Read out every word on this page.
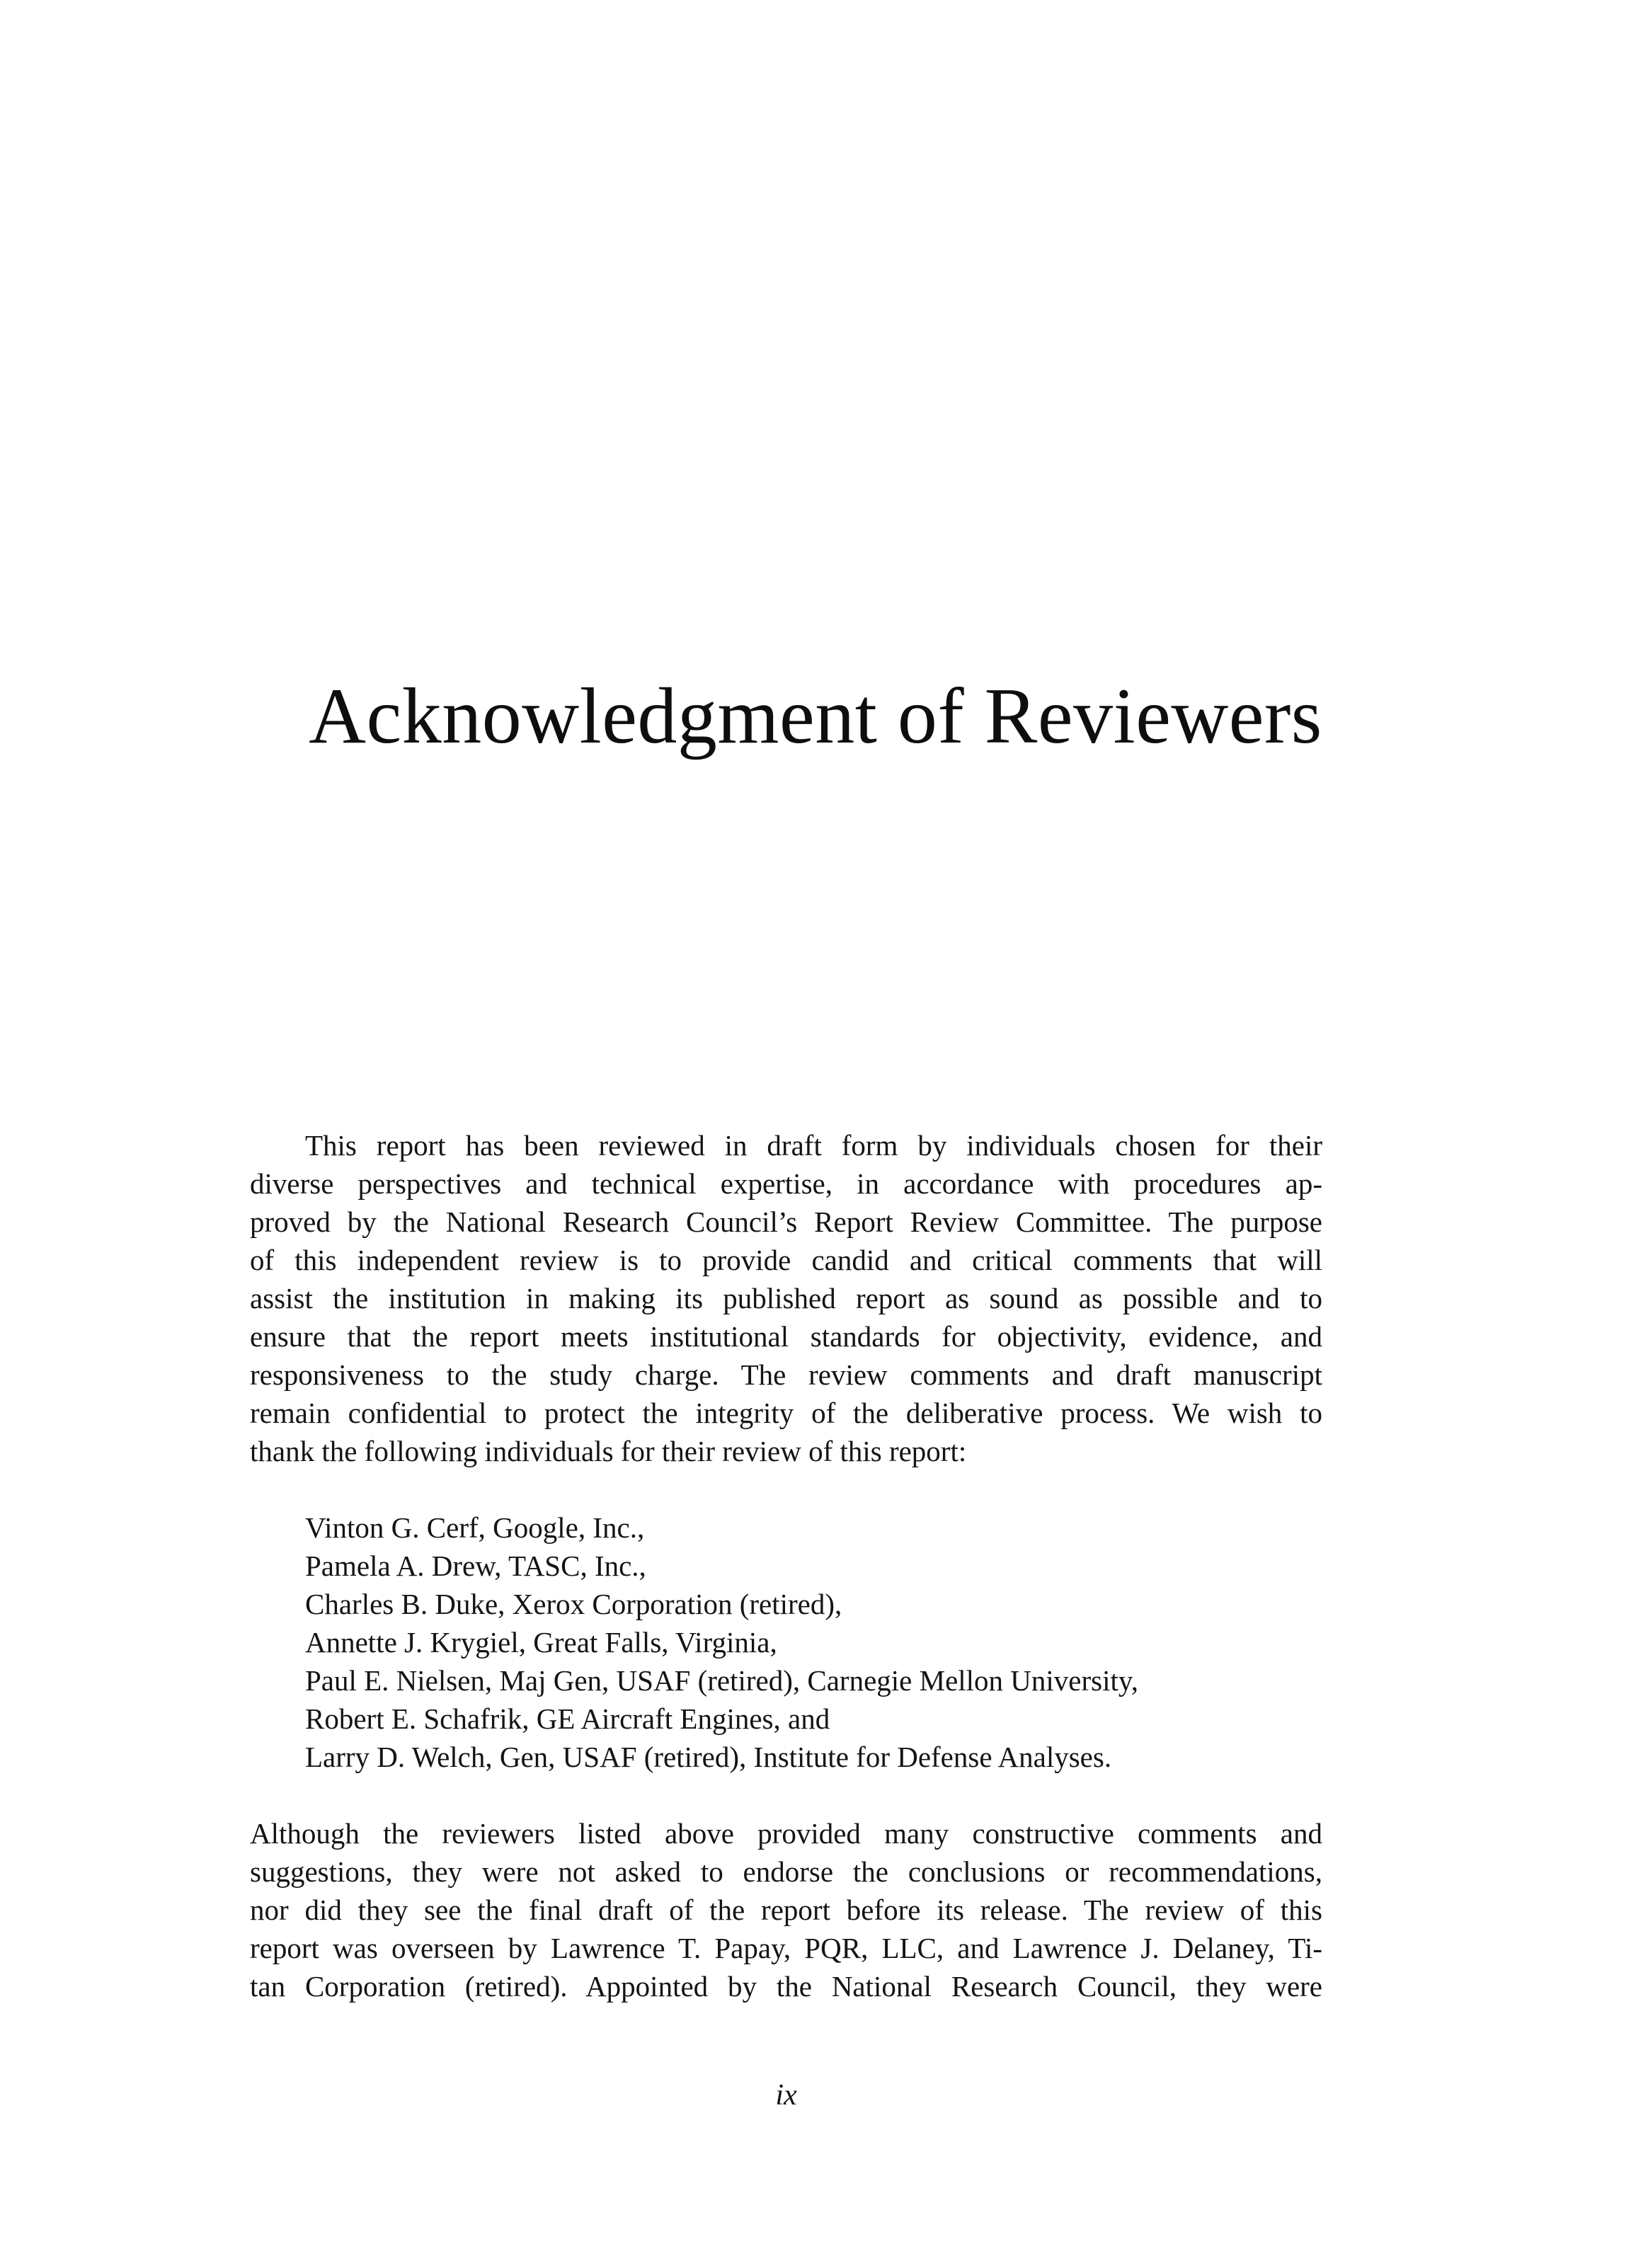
Acknowledgment of Reviewers
This report has been reviewed in draft form by individuals chosen for their
diverse perspectives and technical expertise, in accordance with procedures ap-
proved by the National Research Council’s Report Review Committee. The purpose
of this independent review is to provide candid and critical comments that will
assist the institution in making its published report as sound as possible and to
ensure that the report meets institutional standards for objectivity, evidence, and
responsiveness to the study charge. The review comments and draft manuscript
remain confidential to protect the integrity of the deliberative process. We wish to
thank the following individuals for their review of this report:
Vinton G. Cerf, Google, Inc.,
Pamela A. Drew, TASC, Inc.,
Charles B. Duke, Xerox Corporation (retired),
Annette J. Krygiel, Great Falls, Virginia,
Paul E. Nielsen, Maj Gen, USAF (retired), Carnegie Mellon University,
Robert E. Schafrik, GE Aircraft Engines, and
Larry D. Welch, Gen, USAF (retired), Institute for Defense Analyses.
Although the reviewers listed above provided many constructive comments and
suggestions, they were not asked to endorse the conclusions or recommendations,
nor did they see the final draft of the report before its release. The review of this
report was overseen by Lawrence T. Papay, PQR, LLC, and Lawrence J. Delaney, Ti-
tan Corporation (retired). Appointed by the National Research Council, they were
ix
